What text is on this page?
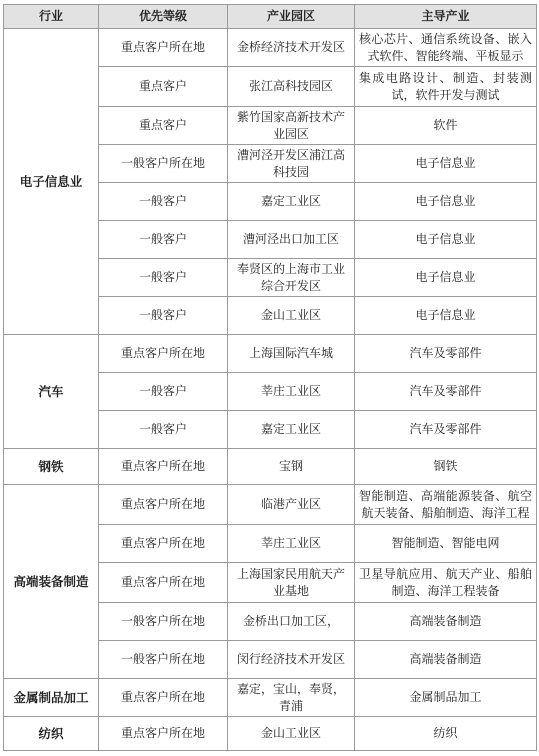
行业	优先等级	产业园区	主导产业
电子信息业	重点客户所在地	金桥经济技术开发区	核心芯片、通信系统设备、嵌入式软件、智能终端、平板显示
	重点客户	张江高科技园区	集成电路设计、制造、封装测试，软件开发与测试
	重点客户	紫竹国家高新技术产业园区	软件
	一般客户所在地	漕河泾开发区浦江高科技园	电子信息业
	一般客户	嘉定工业区	电子信息业
	一般客户	漕河泾出口加工区	电子信息业
	一般客户	奉贤区的上海市工业综合开发区	电子信息业
	一般客户	金山工业区	电子信息业
汽车	重点客户所在地	上海国际汽车城	汽车及零部件
	一般客户	莘庄工业区	汽车及零部件
	一般客户	嘉定工业区	汽车及零部件
钢铁	重点客户所在地	宝钢	钢铁
高端装备制造	重点客户所在地	临港产业区	智能制造、高端能源装备、航空航天装备、船舶制造、海洋工程
	重点客户所在地	莘庄工业区	智能制造、智能电网
	重点客户所在地	上海国家民用航天产业基地	卫星导航应用、航天产业、船舶制造、海洋工程装备
	一般客户所在地	金桥出口加工区，	高端装备制造
	一般客户所在地	闵行经济技术开发区	高端装备制造
金属制品加工	重点客户所在地	嘉定，宝山，奉贤，青浦	金属制品加工
纺织	重点客户所在地	金山工业区	纺织
